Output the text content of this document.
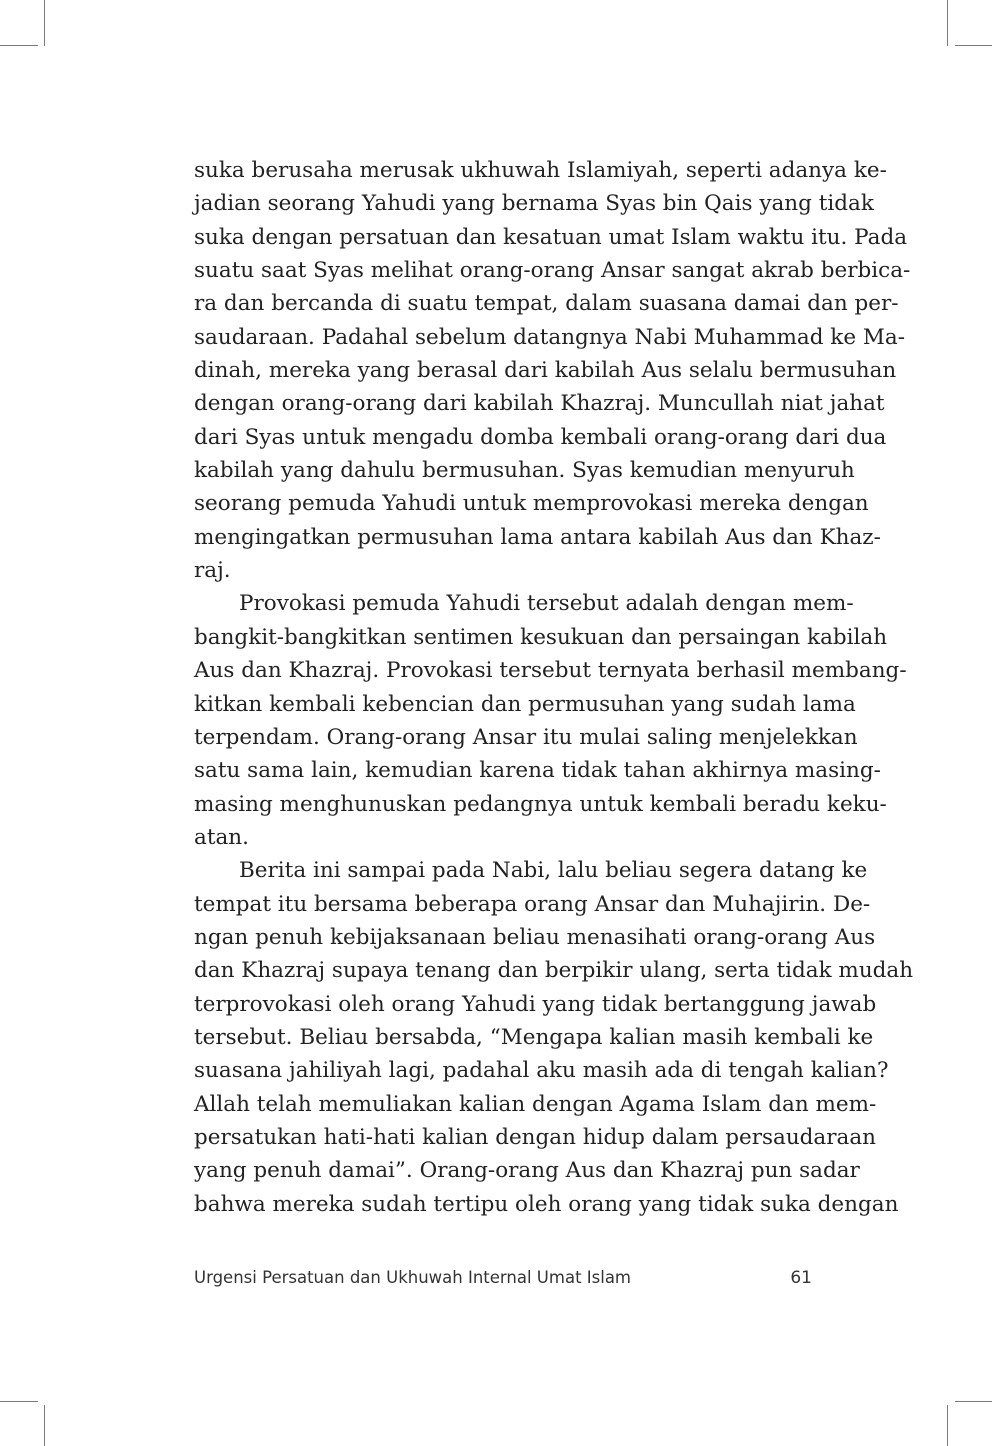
suka berusaha merusak ukhuwah Islamiyah, seperti adanya ke-
jadian seorang Yahudi yang bernama Syas bin Qais yang tidak
suka dengan persatuan dan kesatuan umat Islam waktu itu. Pada
suatu saat Syas melihat orang-orang Ansar sangat akrab berbica-
ra dan bercanda di suatu tempat, dalam suasana damai dan per-
saudaraan. Padahal sebelum datangnya Nabi Muhammad ke Ma-
dinah, mereka yang berasal dari kabilah Aus selalu bermusuhan
dengan orang-orang dari kabilah Khazraj. Muncullah niat jahat
dari Syas untuk mengadu domba kembali orang-orang dari dua
kabilah yang dahulu bermusuhan. Syas kemudian menyuruh
seorang pemuda Yahudi untuk memprovokasi mereka dengan
mengingatkan permusuhan lama antara kabilah Aus dan Khaz-
raj.

Provokasi pemuda Yahudi tersebut adalah dengan mem-
bangkit-bangkitkan sentimen kesukuan dan persaingan kabilah
Aus dan Khazraj. Provokasi tersebut ternyata berhasil membang-
kitkan kembali kebencian dan permusuhan yang sudah lama
terpendam. Orang-orang Ansar itu mulai saling menjelekkan
satu sama lain, kemudian karena tidak tahan akhirnya masing-
masing menghunuskan pedangnya untuk kembali beradu keku-
atan.

Berita ini sampai pada Nabi, lalu beliau segera datang ke
tempat itu bersama beberapa orang Ansar dan Muhajirin. De-
ngan penuh kebijaksanaan beliau menasihati orang-orang Aus
dan Khazraj supaya tenang dan berpikir ulang, serta tidak mudah
terprovokasi oleh orang Yahudi yang tidak bertanggung jawab
tersebut. Beliau bersabda, “Mengapa kalian masih kembali ke
suasana jahiliyah lagi, padahal aku masih ada di tengah kalian?
Allah telah memuliakan kalian dengan Agama Islam dan mem-
persatukan hati-hati kalian dengan hidup dalam persaudaraan
yang penuh damai”. Orang-orang Aus dan Khazraj pun sadar
bahwa mereka sudah tertipu oleh orang yang tidak suka dengan

Urgensi Persatuan dan Ukhuwah Internal Umat Islam	61
